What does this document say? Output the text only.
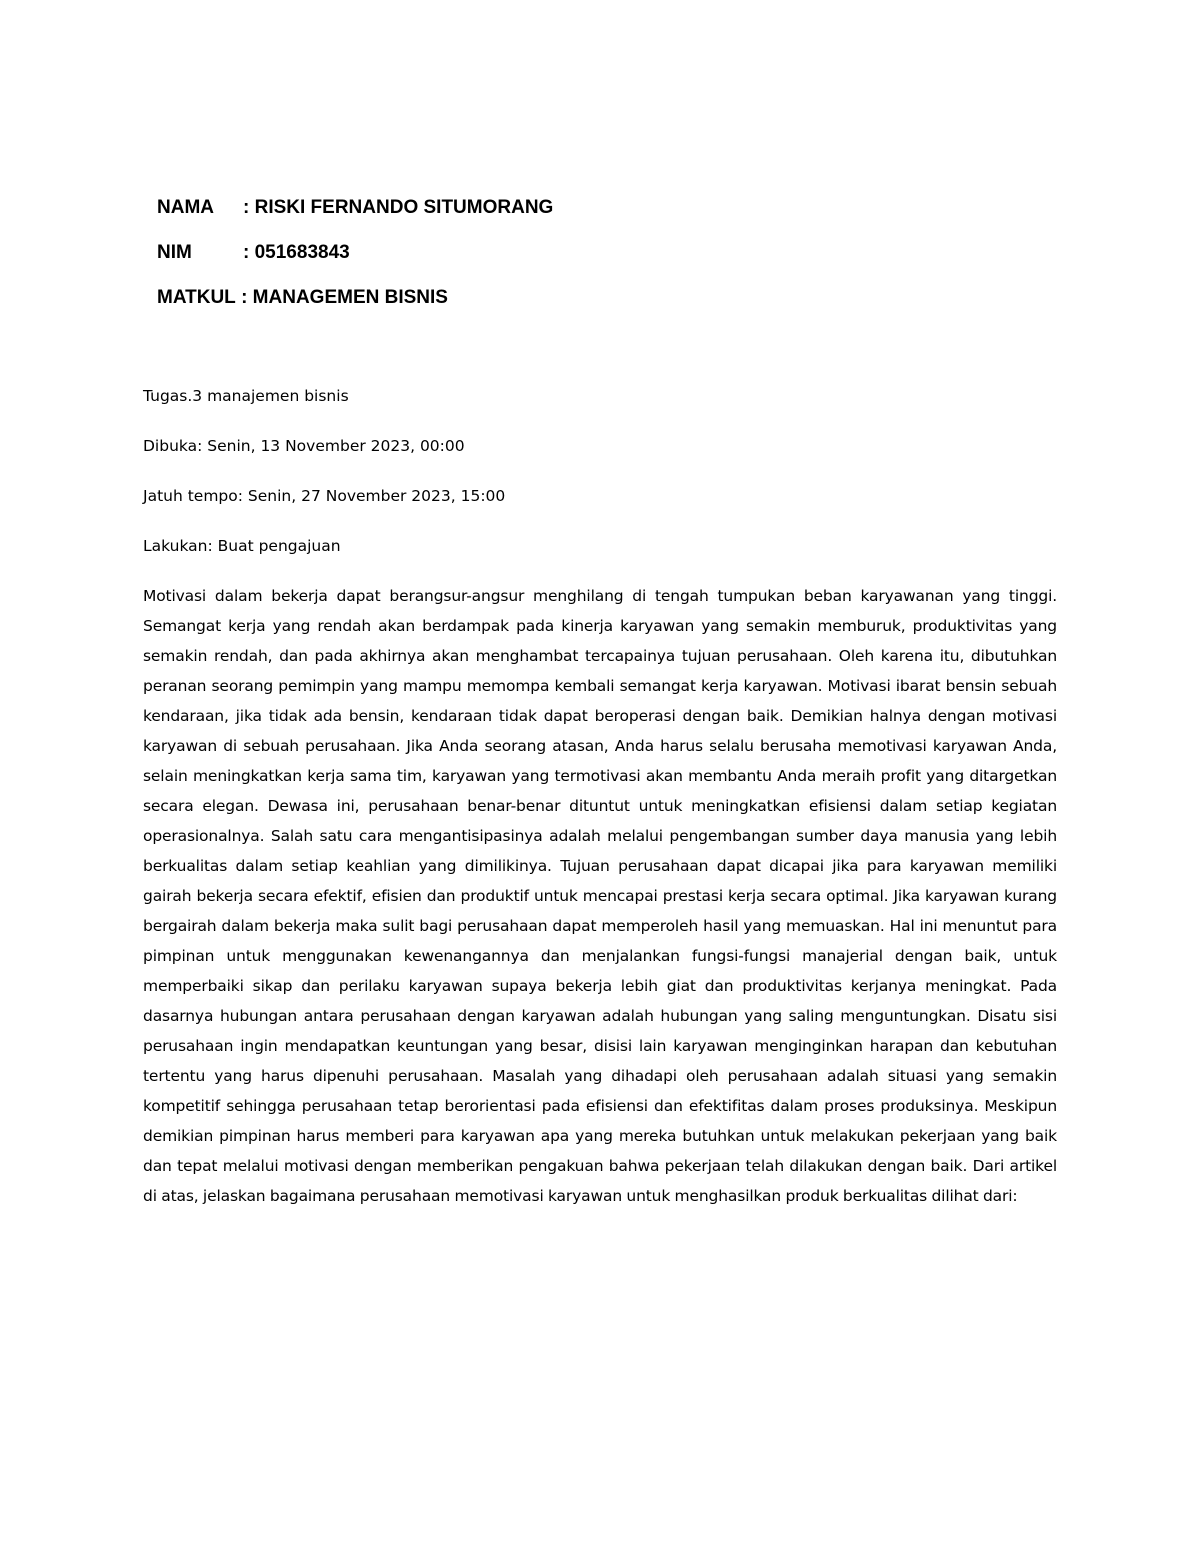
NAMA	: RISKI FERNANDO SITUMORANG
NIM	: 051683843
MATKUL : MANAGEMEN BISNIS

Tugas.3 manajemen bisnis

Dibuka: Senin, 13 November 2023, 00:00

Jatuh tempo: Senin, 27 November 2023, 15:00

Lakukan: Buat pengajuan

Motivasi dalam bekerja dapat berangsur-angsur menghilang di tengah tumpukan beban karyawanan yang tinggi. Semangat kerja yang rendah akan berdampak pada kinerja karyawan yang semakin memburuk, produktivitas yang semakin rendah, dan pada akhirnya akan menghambat tercapainya tujuan perusahaan. Oleh karena itu, dibutuhkan peranan seorang pemimpin yang mampu memompa kembali semangat kerja karyawan. Motivasi ibarat bensin sebuah kendaraan, jika tidak ada bensin, kendaraan tidak dapat beroperasi dengan baik. Demikian halnya dengan motivasi karyawan di sebuah perusahaan. Jika Anda seorang atasan, Anda harus selalu berusaha memotivasi karyawan Anda, selain meningkatkan kerja sama tim, karyawan yang termotivasi akan membantu Anda meraih profit yang ditargetkan secara elegan. Dewasa ini, perusahaan benar-benar dituntut untuk meningkatkan efisiensi dalam setiap kegiatan operasionalnya. Salah satu cara mengantisipasinya adalah melalui pengembangan sumber daya manusia yang lebih berkualitas dalam setiap keahlian yang dimilikinya. Tujuan perusahaan dapat dicapai jika para karyawan memiliki gairah bekerja secara efektif, efisien dan produktif untuk mencapai prestasi kerja secara optimal. Jika karyawan kurang bergairah dalam bekerja maka sulit bagi perusahaan dapat memperoleh hasil yang memuaskan. Hal ini menuntut para pimpinan untuk menggunakan kewenangannya dan menjalankan fungsi-fungsi manajerial dengan baik, untuk memperbaiki sikap dan perilaku karyawan supaya bekerja lebih giat dan produktivitas kerjanya meningkat. Pada dasarnya hubungan antara perusahaan dengan karyawan adalah hubungan yang saling menguntungkan. Disatu sisi perusahaan ingin mendapatkan keuntungan yang besar, disisi lain karyawan menginginkan harapan dan kebutuhan tertentu yang harus dipenuhi perusahaan. Masalah yang dihadapi oleh perusahaan adalah situasi yang semakin kompetitif sehingga perusahaan tetap berorientasi pada efisiensi dan efektifitas dalam proses produksinya. Meskipun demikian pimpinan harus memberi para karyawan apa yang mereka butuhkan untuk melakukan pekerjaan yang baik dan tepat melalui motivasi dengan memberikan pengakuan bahwa pekerjaan telah dilakukan dengan baik. Dari artikel di atas, jelaskan bagaimana perusahaan memotivasi karyawan untuk menghasilkan produk berkualitas dilihat dari:
